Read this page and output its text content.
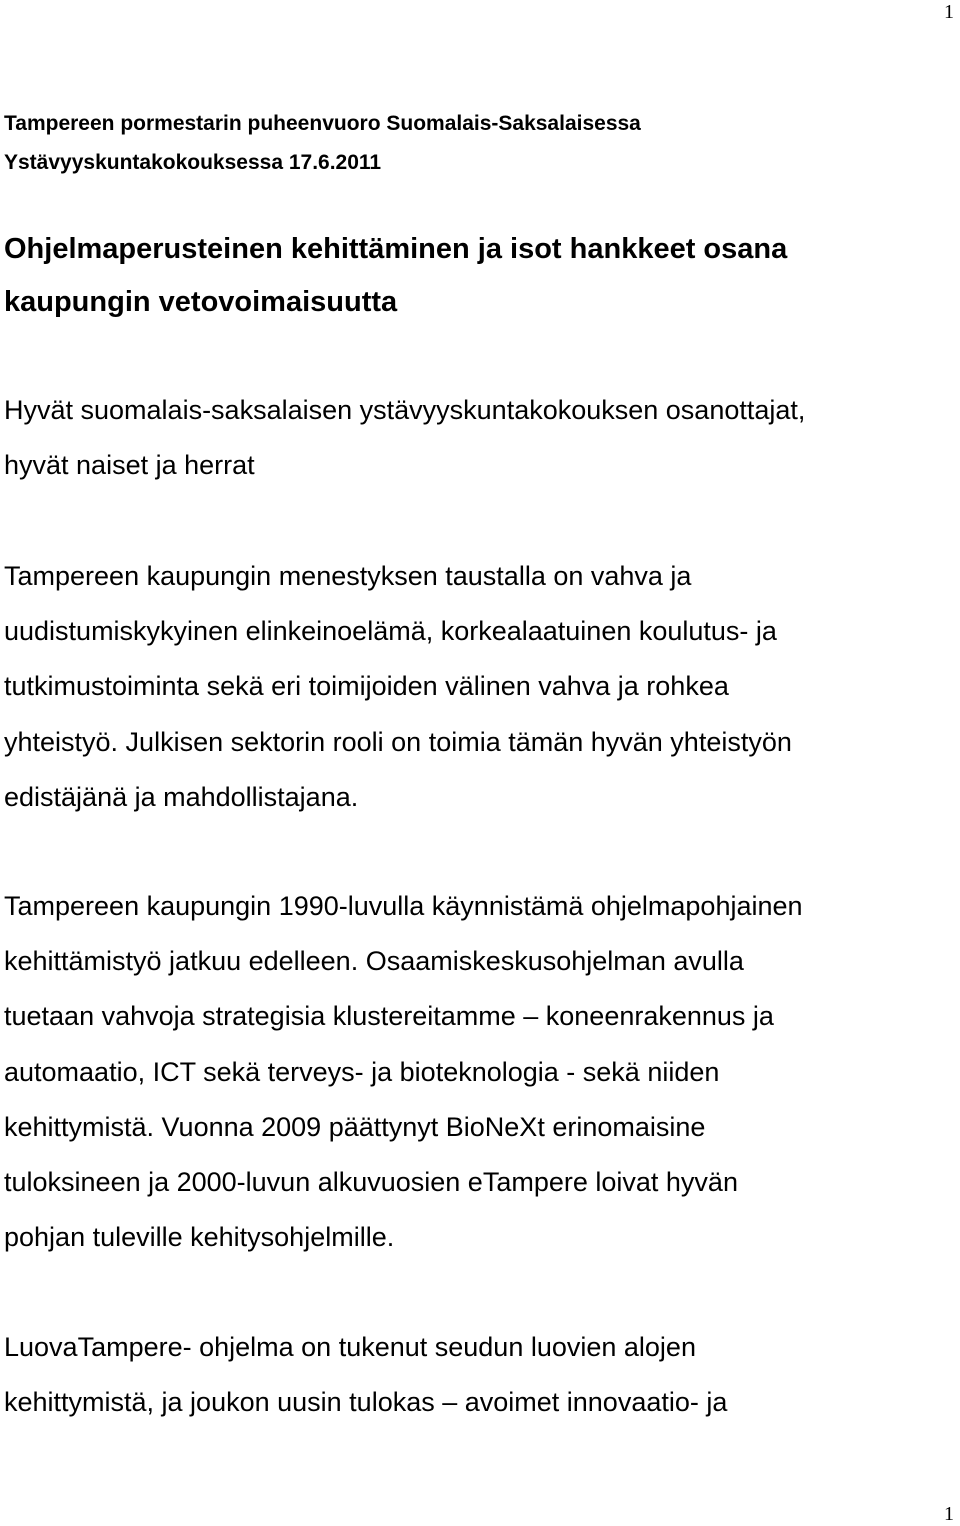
1
Tampereen pormestarin puheenvuoro Suomalais-Saksalaisessa
Ystävyyskuntakokouksessa 17.6.2011
Ohjelmaperusteinen kehittäminen ja isot hankkeet osana
kaupungin vetovoimaisuutta
Hyvät suomalais-saksalaisen ystävyyskuntakokouksen osanottajat,
hyvät naiset ja herrat
Tampereen kaupungin menestyksen taustalla on vahva ja
uudistumiskykyinen elinkeinoelämä, korkealaatuinen koulutus- ja
tutkimustoiminta sekä eri toimijoiden välinen vahva ja rohkea
yhteistyö. Julkisen sektorin rooli on toimia tämän hyvän yhteistyön
edistäjänä ja mahdollistajana.
Tampereen kaupungin 1990-luvulla käynnistämä ohjelmapohjainen
kehittämistyö jatkuu edelleen. Osaamiskeskusohjelman avulla
tuetaan vahvoja strategisia klustereitamme – koneenrakennus ja
automaatio, ICT sekä terveys- ja bioteknologia - sekä niiden
kehittymistä. Vuonna 2009 päättynyt BioNeXt erinomaisine
tuloksineen ja 2000-luvun alkuvuosien eTampere loivat hyvän
pohjan tuleville kehitysohjelmille.
LuovaTampere- ohjelma on tukenut seudun luovien alojen
kehittymistä, ja joukon uusin tulokas – avoimet innovaatio- ja
1
